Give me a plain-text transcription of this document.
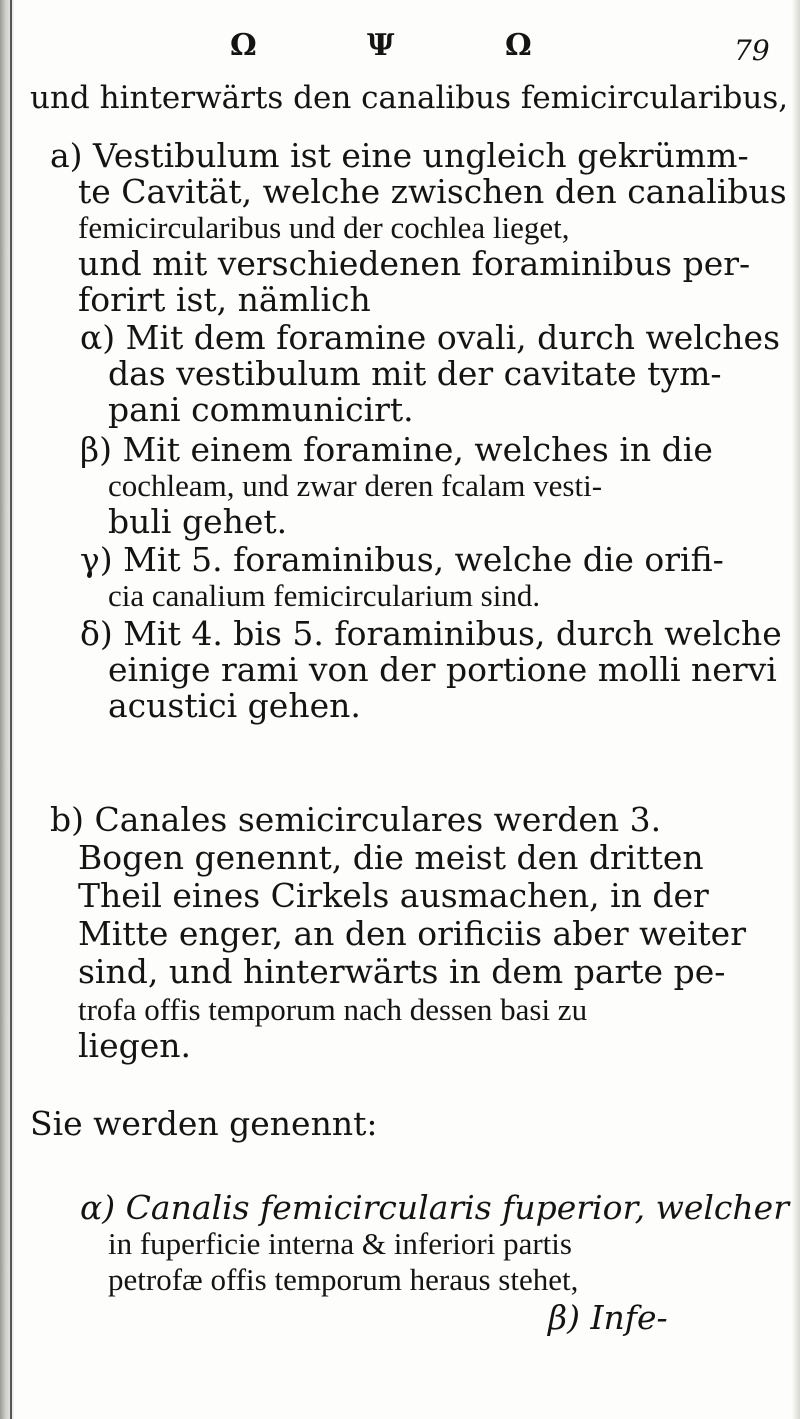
Ω	Ψ	Ω	79
und hinterwärts den canalibus femicircularibus,
a) Vestibulum ist eine ungleich gekrümm-
te Cavität, welche zwischen den canalibus
femicircularibus und der cochlea lieget,
und mit verschiedenen foraminibus per-
forirt ist, nämlich
α) Mit dem foramine ovali, durch welches
das vestibulum mit der cavitate tym-
pani communicirt.
β) Mit einem foramine, welches in die
cochleam, und zwar deren fcalam vesti-
buli gehet.
γ) Mit 5. foraminibus, welche die orifi-
cia canalium femicircularium sind.
δ) Mit 4. bis 5. foraminibus, durch welche
einige rami von der portione molli nervi
acustici gehen.
b) Canales semicirculares werden 3.
Bogen genennt, die meist den dritten
Theil eines Cirkels ausmachen, in der
Mitte enger, an den orificiis aber weiter
sind, und hinterwärts in dem parte pe-
trofa offis temporum nach dessen basi zu
liegen.
Sie werden genennt:
α) Canalis femicircularis fuperior, welcher
in fuperficie interna & inferiori partis
petrofæ offis temporum heraus stehet,
β) Infe-
